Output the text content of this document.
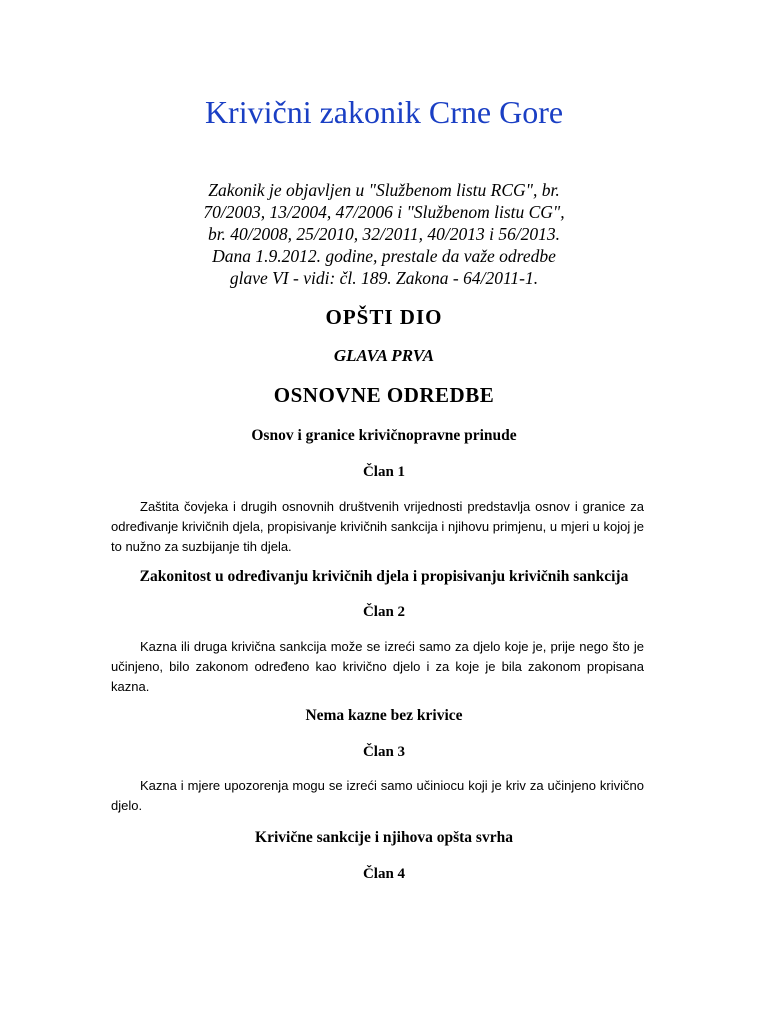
Krivični zakonik Crne Gore

Zakonik je objavljen u "Službenom listu RCG", br.
70/2003, 13/2004, 47/2006 i "Službenom listu CG",
br. 40/2008, 25/2010, 32/2011, 40/2013 i 56/2013.
Dana 1.9.2012. godine, prestale da važe odredbe
glave VI - vidi: čl. 189. Zakona - 64/2011-1.

OPŠTI DIO
GLAVA PRVA
OSNOVNE ODREDBE
Osnov i granice krivičnopravne prinude
Član 1

Zaštita čovjeka i drugih osnovnih društvenih vrijednosti predstavlja osnov i granice za određivanje krivičnih djela, propisivanje krivičnih sankcija i njihovu primjenu, u mjeri u kojoj je to nužno za suzbijanje tih djela.

Zakonitost u određivanju krivičnih djela i propisivanju krivičnih sankcija
Član 2

Kazna ili druga krivična sankcija može se izreći samo za djelo koje je, prije nego što je učinjeno, bilo zakonom određeno kao krivično djelo i za koje je bila zakonom propisana kazna.

Nema kazne bez krivice
Član 3

Kazna i mjere upozorenja mogu se izreći samo učiniocu koji je kriv za učinjeno krivično djelo.

Krivične sankcije i njihova opšta svrha
Član 4
